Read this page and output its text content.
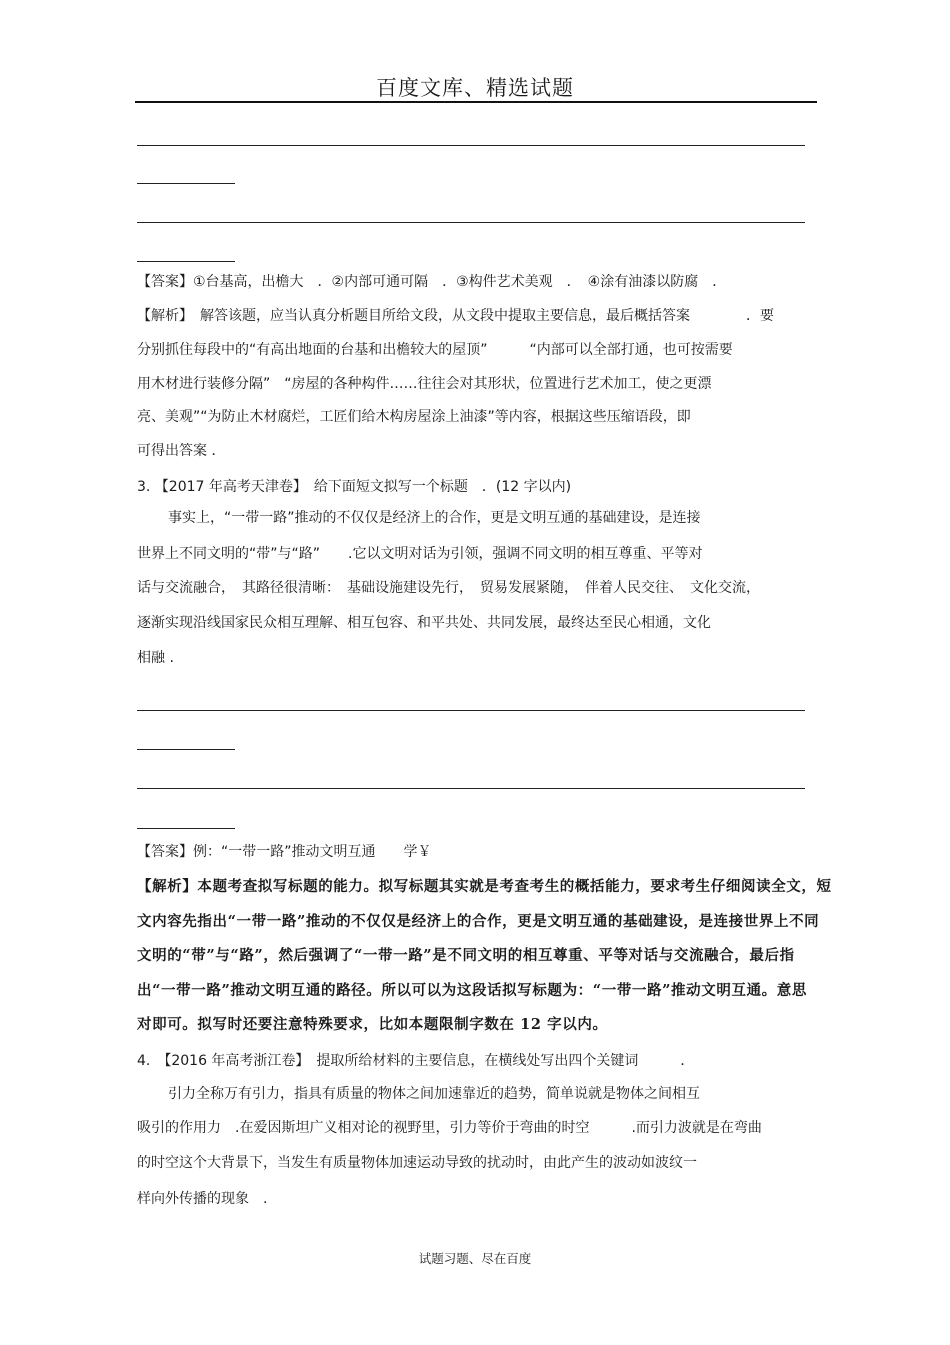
百度文库、精选试题
【答案】①台基高，出檐大　．②内部可通可隔　．③构件艺术美观　．　④涂有油漆以防腐　．
【解析】　解答该题，应当认真分析题目所给文段，从文段中提取主要信息，最后概括答案　　　　．要
分别抓住每段中的“有高出地面的台基和出檐较大的屋顶”　　　“内部可以全部打通，也可按需要
用木材进行装修分隔”　“房屋的各种构件……往往会对其形状，位置进行艺术加工，使之更漂
亮、美观”“为防止木材腐烂，工匠们给木构房屋涂上油漆”等内容，根据这些压缩语段，即
可得出答案 ．
3. 【2017 年高考天津卷】　给下面短文拟写一个标题　．(12 字以内)
事实上，“一带一路”推动的不仅仅是经济上的合作，更是文明互通的基础建设，是连接
世界上不同文明的“带”与“路”　　.它以文明对话为引领，强调不同文明的相互尊重、平等对
话与交流融合，　其路径很清晰：　基础设施建设先行，　贸易发展紧随，　伴着人民交往、　文化交流，
逐渐实现沿线国家民众相互理解、相互包容、和平共处、共同发展，最终达至民心相通，文化
相融 .
【答案】例：“一带一路”推动文明互通　　学￥
【解析】本题考查拟写标题的能力。拟写标题其实就是考查考生的概括能力，要求考生仔细阅读全文，短
文内容先指出“一带一路”推动的不仅仅是经济上的合作，更是文明互通的基础建设，是连接世界上不同
文明的“带”与“路”，然后强调了“一带一路”是不同文明的相互尊重、平等对话与交流融合，最后指
出“一带一路”推动文明互通的路径。所以可以为这段话拟写标题为：“一带一路”推动文明互通。意思
对即可。拟写时还要注意特殊要求，比如本题限制字数在 12 字以内。
4.　【2016 年高考浙江卷】　提取所给材料的主要信息，在横线处写出四个关键词　　　．
引力全称万有引力，指具有质量的物体之间加速靠近的趋势，简单说就是物体之间相互
吸引的作用力　.在爱因斯坦广义相对论的视野里，引力等价于弯曲的时空　　　.而引力波就是在弯曲
的时空这个大背景下，当发生有质量物体加速运动导致的扰动时，由此产生的波动如波纹一
样向外传播的现象　.
试题习题、尽在百度
